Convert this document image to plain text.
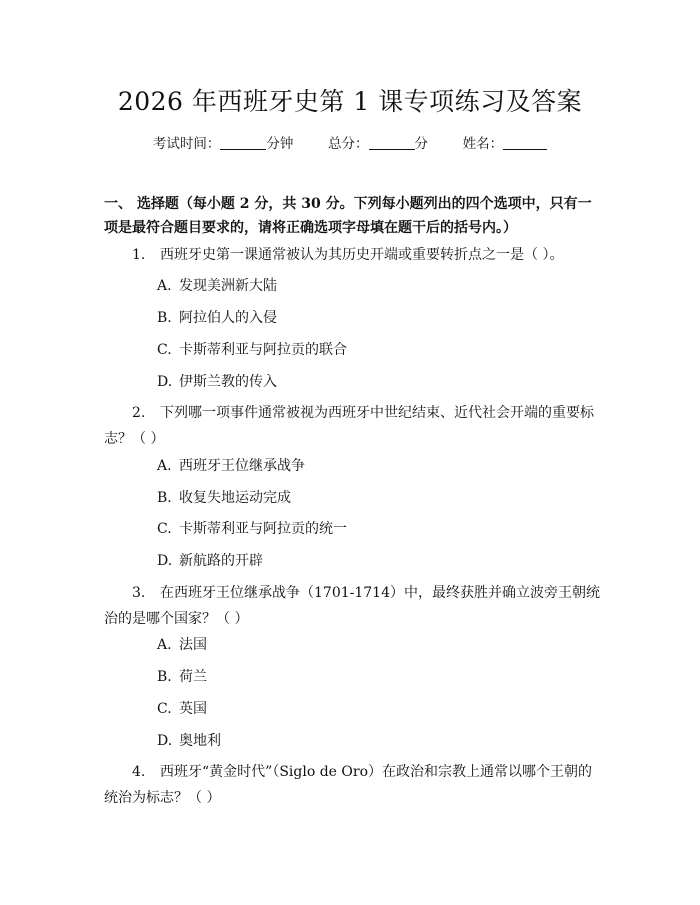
2026 年西班牙史第 1 课专项练习及答案
考试时间：	分钟	总分：	分	姓名：
一、 选择题（每小题 2 分，共 30 分。下列每小题列出的四个选项中，只有一项是最符合题目要求的，请将正确选项字母填在题干后的括号内。）
1. 西班牙史第一课通常被认为其历史开端或重要转折点之一是（ ）。
A. 发现美洲新大陆
B. 阿拉伯人的入侵
C. 卡斯蒂利亚与阿拉贡的联合
D. 伊斯兰教的传入
2. 下列哪一项事件通常被视为西班牙中世纪结束、近代社会开端的重要标志？（ ）
A. 西班牙王位继承战争
B. 收复失地运动完成
C. 卡斯蒂利亚与阿拉贡的统一
D. 新航路的开辟
3. 在西班牙王位继承战争（1701-1714）中，最终获胜并确立波旁王朝统治的是哪个国家？（ ）
A. 法国
B. 荷兰
C. 英国
D. 奥地利
4. 西班牙“黄金时代”（Siglo de Oro）在政治和宗教上通常以哪个王朝的统治为标志？（ ）
